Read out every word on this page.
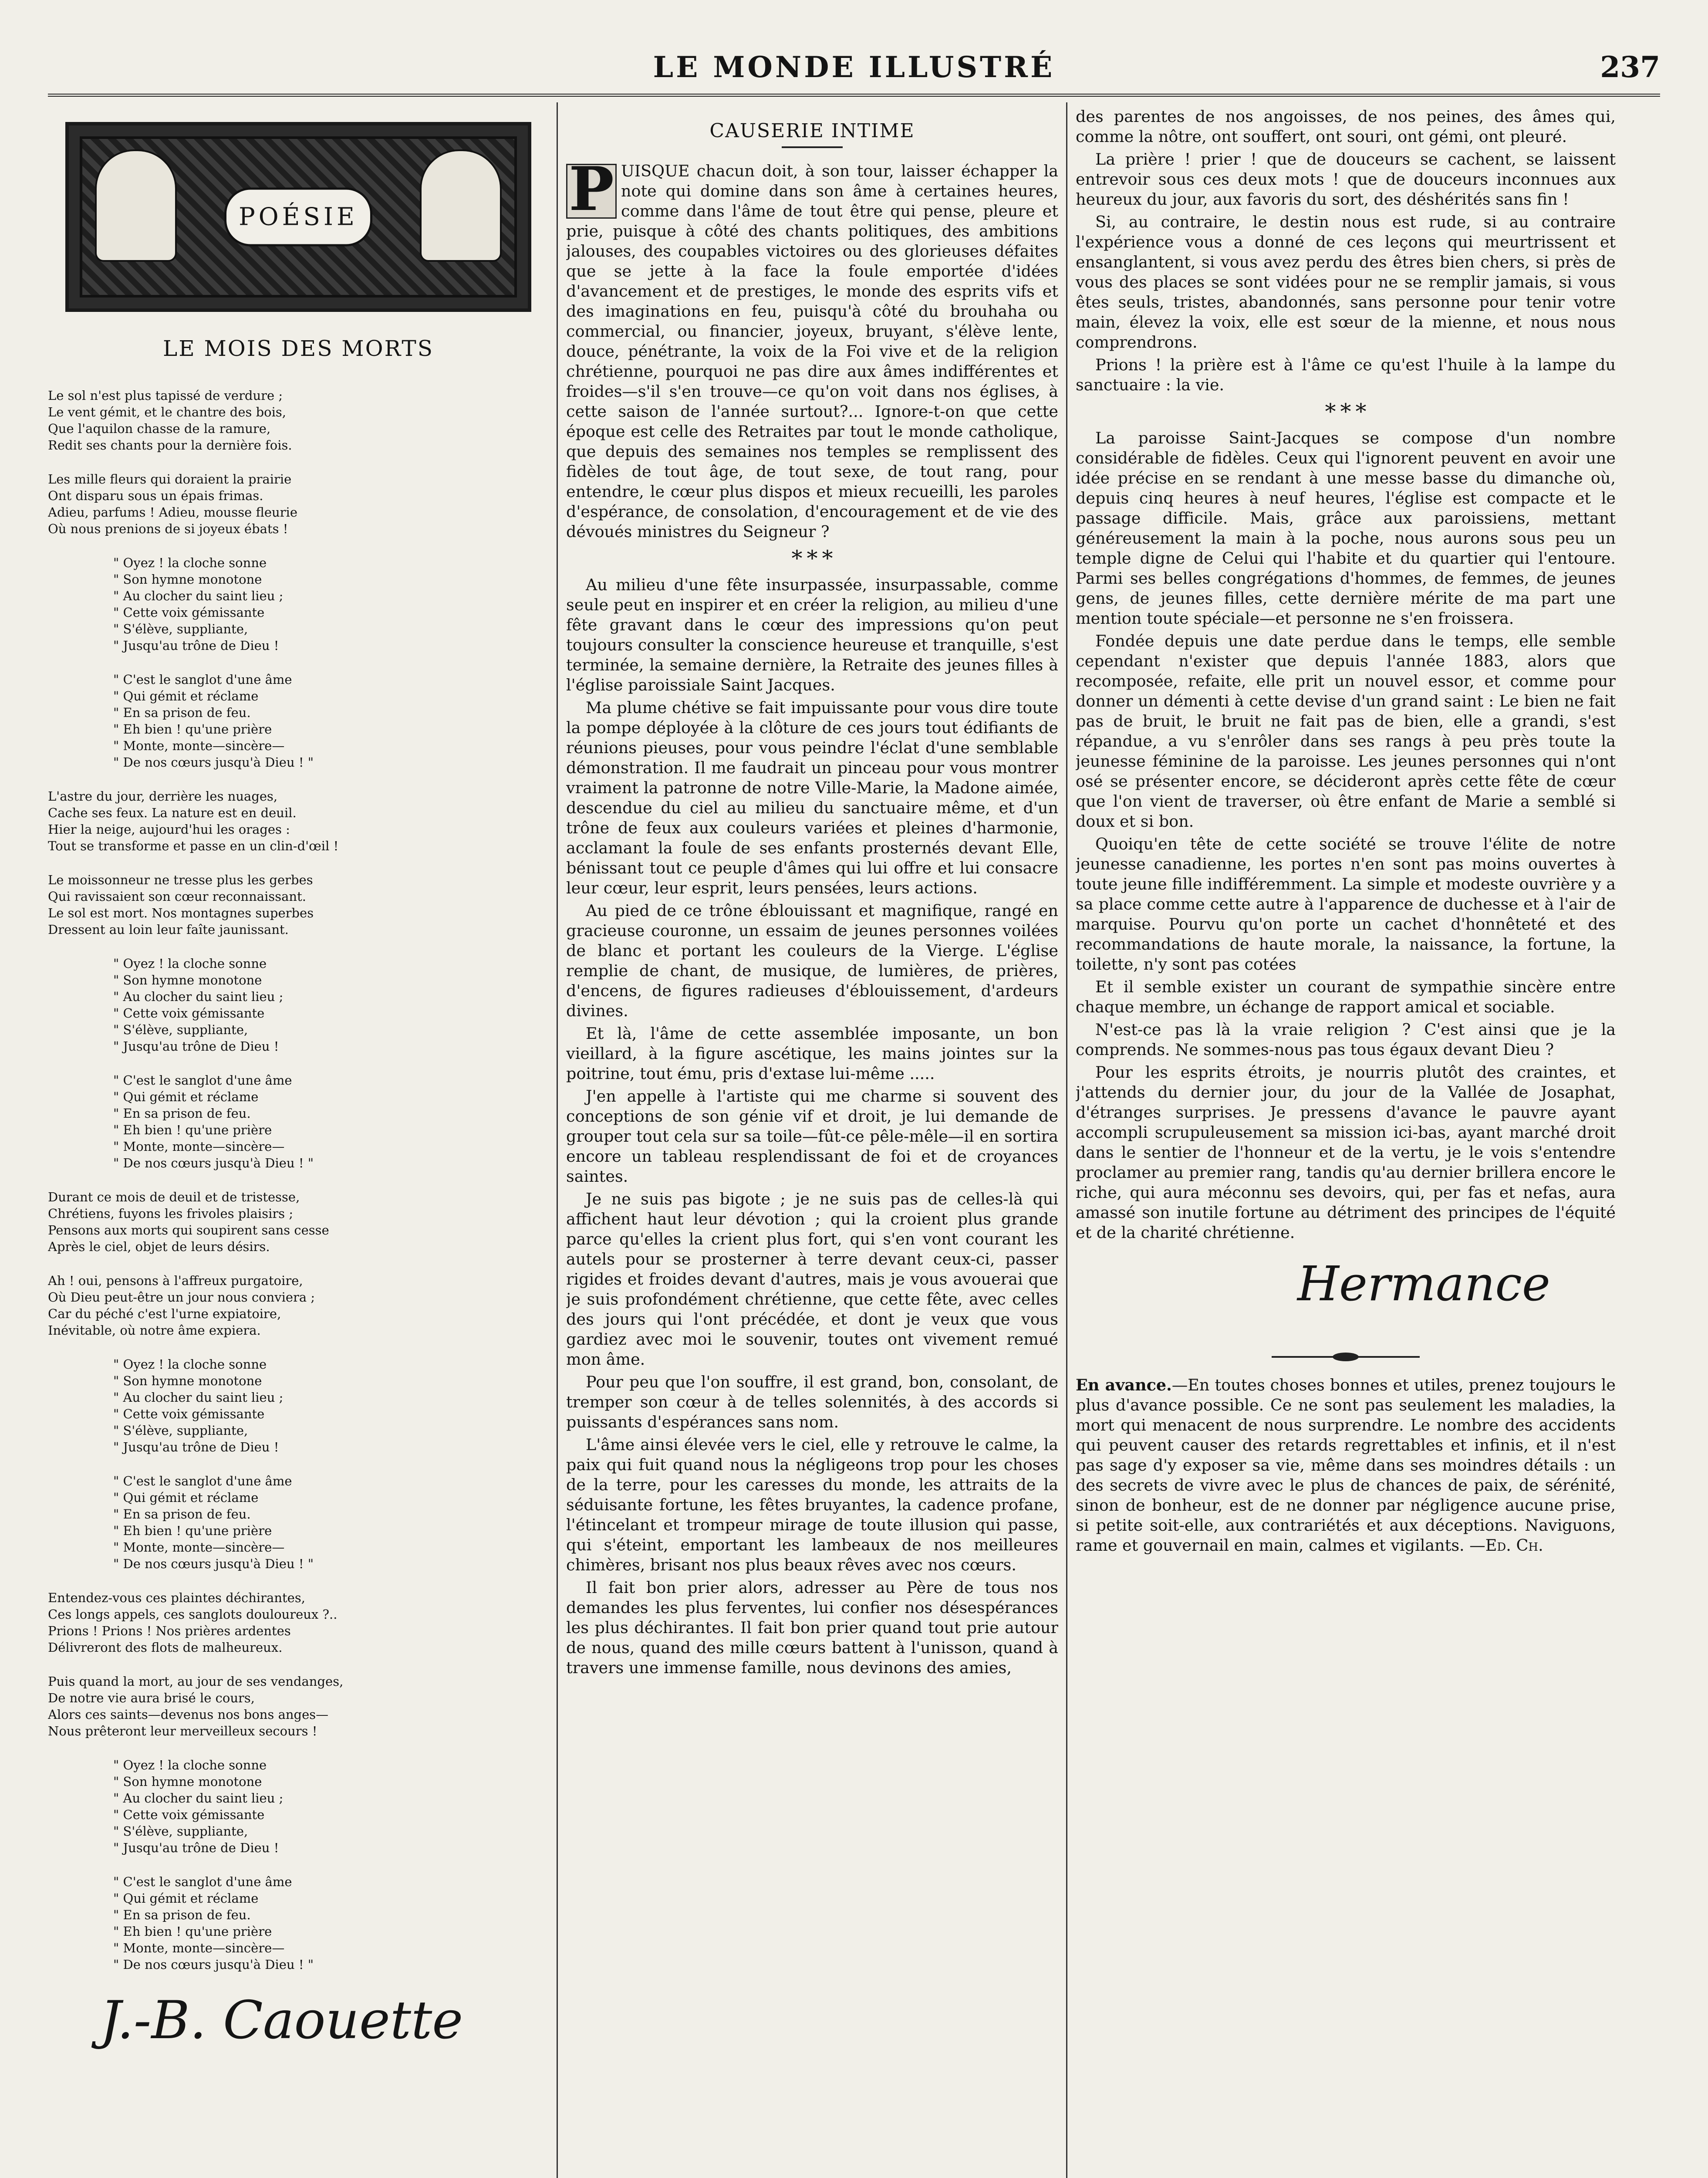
LE MONDE ILLUSTRÉ	237
POÉSIE
LE MOIS DES MORTS
Le sol n'est plus tapissé de verdure ;
Le vent gémit, et le chantre des bois,
Que l'aquilon chasse de la ramure,
Redit ses chants pour la dernière fois.
Les mille fleurs qui doraient la prairie
Ont disparu sous un épais frimas.
Adieu, parfums ! Adieu, mousse fleurie
Où nous prenions de si joyeux ébats !
" Oyez ! la cloche sonne
" Son hymne monotone
" Au clocher du saint lieu ;
" Cette voix gémissante
" S'élève, suppliante,
" Jusqu'au trône de Dieu !
" C'est le sanglot d'une âme
" Qui gémit et réclame
" En sa prison de feu.
" Eh bien ! qu'une prière
" Monte, monte—sincère—
" De nos cœurs jusqu'à Dieu ! "
L'astre du jour, derrière les nuages,
Cache ses feux. La nature est en deuil.
Hier la neige, aujourd'hui les orages :
Tout se transforme et passe en un clin-d'œil !
Le moissonneur ne tresse plus les gerbes
Qui ravissaient son cœur reconnaissant.
Le sol est mort. Nos montagnes superbes
Dressent au loin leur faîte jaunissant.
" Oyez ! la cloche sonne
" Son hymne monotone
" Au clocher du saint lieu ;
" Cette voix gémissante
" S'élève, suppliante,
" Jusqu'au trône de Dieu !
" C'est le sanglot d'une âme
" Qui gémit et réclame
" En sa prison de feu.
" Eh bien ! qu'une prière
" Monte, monte—sincère—
" De nos cœurs jusqu'à Dieu ! "
Durant ce mois de deuil et de tristesse,
Chrétiens, fuyons les frivoles plaisirs ;
Pensons aux morts qui soupirent sans cesse
Après le ciel, objet de leurs désirs.
Ah ! oui, pensons à l'affreux purgatoire,
Où Dieu peut-être un jour nous conviera ;
Car du péché c'est l'urne expiatoire,
Inévitable, où notre âme expiera.
" Oyez ! la cloche sonne
" Son hymne monotone
" Au clocher du saint lieu ;
" Cette voix gémissante
" S'élève, suppliante,
" Jusqu'au trône de Dieu !
" C'est le sanglot d'une âme
" Qui gémit et réclame
" En sa prison de feu.
" Eh bien ! qu'une prière
" Monte, monte—sincère—
" De nos cœurs jusqu'à Dieu ! "
Entendez-vous ces plaintes déchirantes,
Ces longs appels, ces sanglots douloureux ?..
Prions ! Prions ! Nos prières ardentes
Délivreront des flots de malheureux.
Puis quand la mort, au jour de ses vendanges,
De notre vie aura brisé le cours,
Alors ces saints—devenus nos bons anges—
Nous prêteront leur merveilleux secours !
" Oyez ! la cloche sonne
" Son hymne monotone
" Au clocher du saint lieu ;
" Cette voix gémissante
" S'élève, suppliante,
" Jusqu'au trône de Dieu !
" C'est le sanglot d'une âme
" Qui gémit et réclame
" En sa prison de feu.
" Eh bien ! qu'une prière
" Monte, monte—sincère—
" De nos cœurs jusqu'à Dieu ! "
J.-B. Caouette
CAUSERIE INTIME

P UISQUE chacun doit, à son tour, laisser échapper la note qui domine dans son âme à certaines heures, comme dans l'âme de tout être qui pense, pleure et prie, puisque à côté des chants politiques, des ambitions jalouses, des coupables victoires ou des glorieuses défaites que se jette à la face la foule emportée d'idées d'avancement et de prestiges, le monde des esprits vifs et des imaginations en feu, puisqu'à côté du brouhaha ou commercial, ou financier, joyeux, bruyant, s'élève lente, douce, pénétrante, la voix de la Foi vive et de la religion chrétienne, pourquoi ne pas dire aux âmes indifférentes et froides—s'il s'en trouve—ce qu'on voit dans nos églises, à cette saison de l'année surtout?... Ignore-t-on que cette époque est celle des Retraites par tout le monde catholique, que depuis des semaines nos temples se remplissent des fidèles de tout âge, de tout sexe, de tout rang, pour entendre, le cœur plus dispos et mieux recueilli, les paroles d'espérance, de consolation, d'encouragement et de vie des dévoués ministres du Seigneur ?

* * *

Au milieu d'une fête insurpassée, insurpassable, comme seule peut en inspirer et en créer la religion, au milieu d'une fête gravant dans le cœur des impressions qu'on peut toujours consulter la conscience heureuse et tranquille, s'est terminée, la semaine dernière, la Retraite des jeunes filles à l'église paroissiale Saint Jacques.

Ma plume chétive se fait impuissante pour vous dire toute la pompe déployée à la clôture de ces jours tout édifiants de réunions pieuses, pour vous peindre l'éclat d'une semblable démonstration. Il me faudrait un pinceau pour vous montrer vraiment la patronne de notre Ville-Marie, la Madone aimée, descendue du ciel au milieu du sanctuaire même, et d'un trône de feux aux couleurs variées et pleines d'harmonie, acclamant la foule de ses enfants prosternés devant Elle, bénissant tout ce peuple d'âmes qui lui offre et lui consacre leur cœur, leur esprit, leurs pensées, leurs actions.

Au pied de ce trône éblouissant et magnifique, rangé en gracieuse couronne, un essaim de jeunes personnes voilées de blanc et portant les couleurs de la Vierge. L'église remplie de chant, de musique, de lumières, de prières, d'encens, de figures radieuses d'éblouissement, d'ardeurs divines.

Et là, l'âme de cette assemblée imposante, un bon vieillard, à la figure ascétique, les mains jointes sur la poitrine, tout ému, pris d'extase lui-même .....

J'en appelle à l'artiste qui me charme si souvent des conceptions de son génie vif et droit, je lui demande de grouper tout cela sur sa toile—fût-ce pêle-mêle—il en sortira encore un tableau resplendissant de foi et de croyances saintes.

Je ne suis pas bigote ; je ne suis pas de celles-là qui affichent haut leur dévotion ; qui la croient plus grande parce qu'elles la crient plus fort, qui s'en vont courant les autels pour se prosterner à terre devant ceux-ci, passer rigides et froides devant d'autres, mais je vous avouerai que je suis profondément chrétienne, que cette fête, avec celles des jours qui l'ont précédée, et dont je veux que vous gardiez avec moi le souvenir, toutes ont vivement remué mon âme.

Pour peu que l'on souffre, il est grand, bon, consolant, de tremper son cœur à de telles solennités, à des accords si puissants d'espérances sans nom.

L'âme ainsi élevée vers le ciel, elle y retrouve le calme, la paix qui fuit quand nous la négligeons trop pour les choses de la terre, pour les caresses du monde, les attraits de la séduisante fortune, les fêtes bruyantes, la cadence profane, l'étincelant et trompeur mirage de toute illusion qui passe, qui s'éteint, emportant les lambeaux de nos meilleures chimères, brisant nos plus beaux rêves avec nos cœurs.

Il fait bon prier alors, adresser au Père de tous nos demandes les plus ferventes, lui confier nos désespérances les plus déchirantes. Il fait bon prier quand tout prie autour de nous, quand des mille cœurs battent à l'unisson, quand à travers une immense famille, nous devinons des amies,

des parentes de nos angoisses, de nos peines, des âmes qui, comme la nôtre, ont souffert, ont souri, ont gémi, ont pleuré.

La prière ! prier ! que de douceurs se cachent, se laissent entrevoir sous ces deux mots ! que de douceurs inconnues aux heureux du jour, aux favoris du sort, des déshérités sans fin !

Si, au contraire, le destin nous est rude, si au contraire l'expérience vous a donné de ces leçons qui meurtrissent et ensanglantent, si vous avez perdu des êtres bien chers, si près de vous des places se sont vidées pour ne se remplir jamais, si vous êtes seuls, tristes, abandonnés, sans personne pour tenir votre main, élevez la voix, elle est sœur de la mienne, et nous nous comprendrons.

Prions ! la prière est à l'âme ce qu'est l'huile à la lampe du sanctuaire : la vie.

* * *

La paroisse Saint-Jacques se compose d'un nombre considérable de fidèles. Ceux qui l'ignorent peuvent en avoir une idée précise en se rendant à une messe basse du dimanche où, depuis cinq heures à neuf heures, l'église est compacte et le passage difficile. Mais, grâce aux paroissiens, mettant généreusement la main à la poche, nous aurons sous peu un temple digne de Celui qui l'habite et du quartier qui l'entoure. Parmi ses belles congrégations d'hommes, de femmes, de jeunes gens, de jeunes filles, cette dernière mérite de ma part une mention toute spéciale—et personne ne s'en froissera.

Fondée depuis une date perdue dans le temps, elle semble cependant n'exister que depuis l'année 1883, alors que recomposée, refaite, elle prit un nouvel essor, et comme pour donner un démenti à cette devise d'un grand saint : Le bien ne fait pas de bruit, le bruit ne fait pas de bien, elle a grandi, s'est répandue, a vu s'enrôler dans ses rangs à peu près toute la jeunesse féminine de la paroisse. Les jeunes personnes qui n'ont osé se présenter encore, se décideront après cette fête de cœur que l'on vient de traverser, où être enfant de Marie a semblé si doux et si bon.

Quoiqu'en tête de cette société se trouve l'élite de notre jeunesse canadienne, les portes n'en sont pas moins ouvertes à toute jeune fille indifféremment. La simple et modeste ouvrière y a sa place comme cette autre à l'apparence de duchesse et à l'air de marquise. Pourvu qu'on porte un cachet d'honnêteté et des recommandations de haute morale, la naissance, la fortune, la toilette, n'y sont pas cotées

Et il semble exister un courant de sympathie sincère entre chaque membre, un échange de rapport amical et sociable.

N'est-ce pas là la vraie religion ? C'est ainsi que je la comprends. Ne sommes-nous pas tous égaux devant Dieu ?

Pour les esprits étroits, je nourris plutôt des craintes, et j'attends du dernier jour, du jour de la Vallée de Josaphat, d'étranges surprises. Je pressens d'avance le pauvre ayant accompli scrupuleusement sa mission ici-bas, ayant marché droit dans le sentier de l'honneur et de la vertu, je le vois s'entendre proclamer au premier rang, tandis qu'au dernier brillera encore le riche, qui aura méconnu ses devoirs, qui, per fas et nefas, aura amassé son inutile fortune au détriment des principes de l'équité et de la charité chrétienne.

Hermance

En avance.—En toutes choses bonnes et utiles, prenez toujours le plus d'avance possible. Ce ne sont pas seulement les maladies, la mort qui menacent de nous surprendre. Le nombre des accidents qui peuvent causer des retards regrettables et infinis, et il n'est pas sage d'y exposer sa vie, même dans ses moindres détails : un des secrets de vivre avec le plus de chances de paix, de sérénité, sinon de bonheur, est de ne donner par négligence aucune prise, si petite soit-elle, aux contrariétés et aux déceptions. Naviguons, rame et gouvernail en main, calmes et vigilants. —Ed. Ch.
